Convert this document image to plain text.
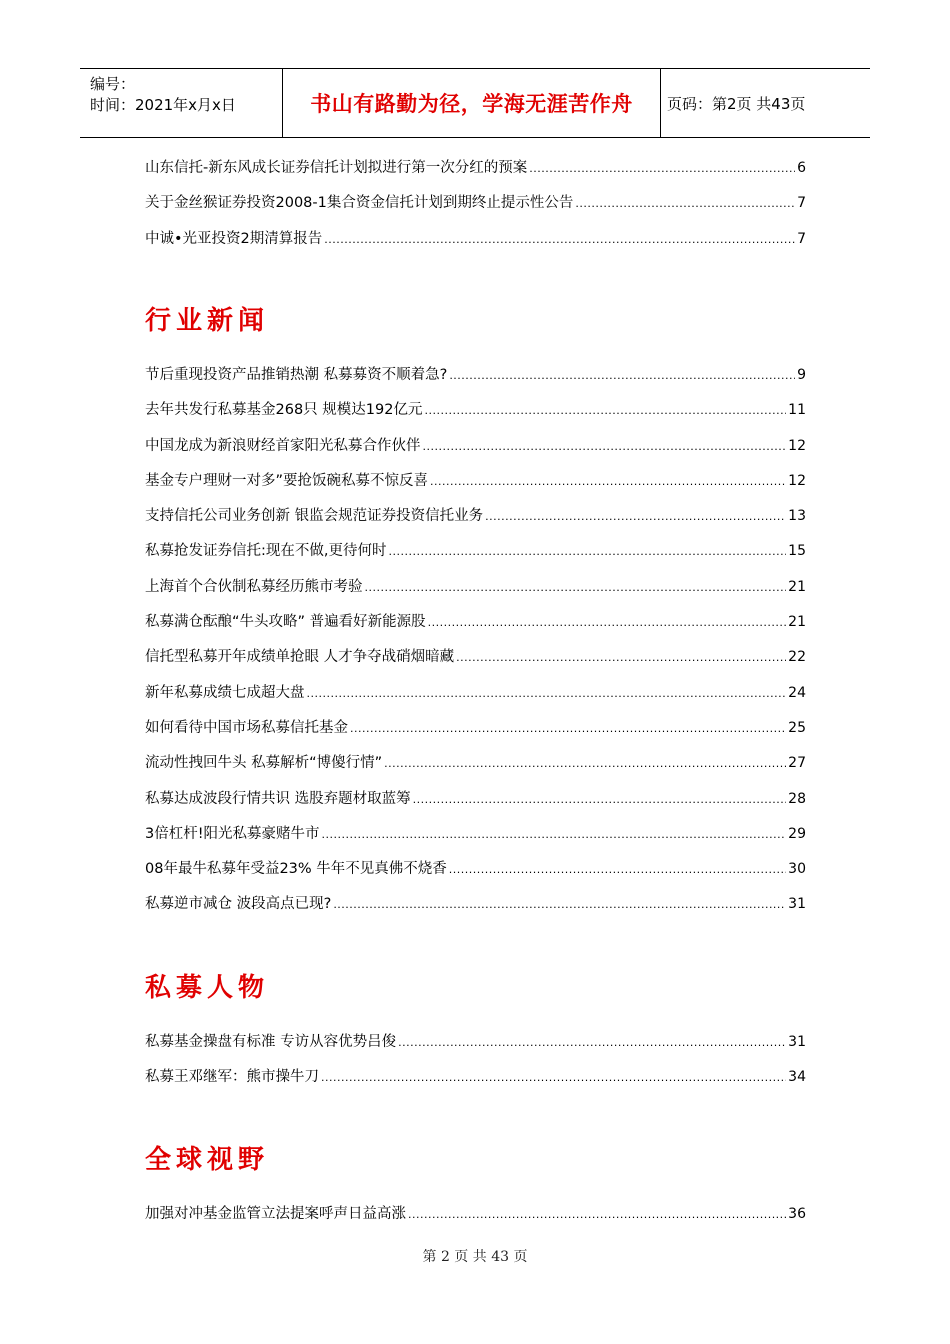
编号：
时间：2021年x月x日	书山有路勤为径，学海无涯苦作舟	页码：第2页 共43页
山东信托-新东风成长证券信托计划拟进行第一次分红的预案 .....	6
关于金丝猴证券投资2008-1集合资金信托计划到期终止提示性公告 .....	7
中诚•光亚投资2期清算报告 .....	7
行业新闻
节后重现投资产品推销热潮 私募募资不顺着急? .....	9
去年共发行私募基金268只 规模达192亿元 .....	11
中国龙成为新浪财经首家阳光私募合作伙伴 .....	12
基金专户理财一对多”要抢饭碗私募不惊反喜 .....	12
支持信托公司业务创新 银监会规范证券投资信托业务 .....	13
私募抢发证券信托:现在不做,更待何时 .....	15
上海首个合伙制私募经历熊市考验 .....	21
私募满仓酝酿“牛头攻略” 普遍看好新能源股 .....	21
信托型私募开年成绩单抢眼 人才争夺战硝烟暗藏 .....	22
新年私募成绩七成超大盘 .....	24
如何看待中国市场私募信托基金 .....	25
流动性拽回牛头 私募解析“博傻行情” .....	27
私募达成波段行情共识 选股弃题材取蓝筹 .....	28
3倍杠杆!阳光私募豪赌牛市 .....	29
08年最牛私募年受益23% 牛年不见真佛不烧香 .....	30
私募逆市减仓 波段高点已现? .....	31
私募人物
私募基金操盘有标准 专访从容优势吕俊 .....	31
私募王邓继军：熊市操牛刀 .....	34
全球视野
加强对冲基金监管立法提案呼声日益高涨 .....	36
第 2 页 共 43 页
